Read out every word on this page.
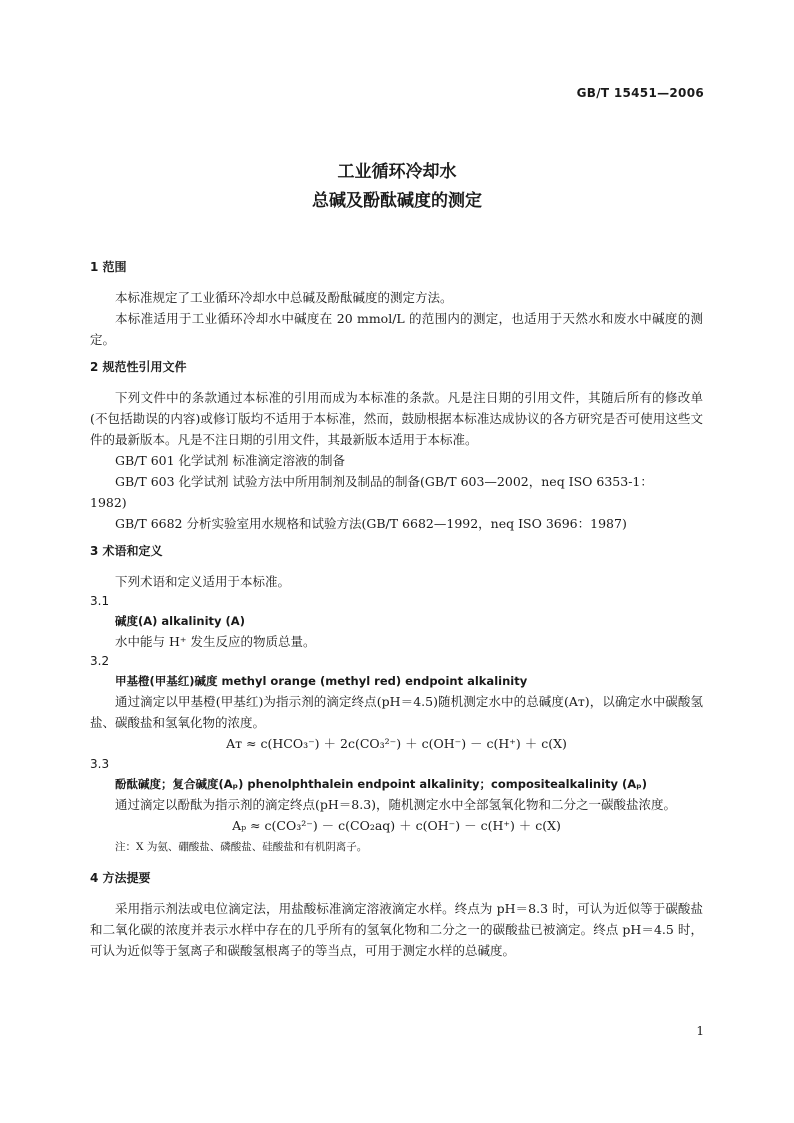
GB/T 15451—2006
工业循环冷却水
总碱及酚酞碱度的测定

1 范围

本标准规定了工业循环冷却水中总碱及酚酞碱度的测定方法。

本标准适用于工业循环冷却水中碱度在 20 mmol/L 的范围内的测定，也适用于天然水和废水中碱度的测定。

2 规范性引用文件

下列文件中的条款通过本标准的引用而成为本标准的条款。凡是注日期的引用文件，其随后所有的修改单(不包括勘误的内容)或修订版均不适用于本标准，然而，鼓励根据本标准达成协议的各方研究是否可使用这些文件的最新版本。凡是不注日期的引用文件，其最新版本适用于本标准。

GB/T 601 化学试剂 标准滴定溶液的制备

GB/T 603 化学试剂 试验方法中所用制剂及制品的制备(GB/T 603—2002，neq ISO 6353-1：

1982)

GB/T 6682 分析实验室用水规格和试验方法(GB/T 6682—1992，neq ISO 3696：1987)

3 术语和定义

下列术语和定义适用于本标准。

3.1

碱度(A) alkalinity (A)

水中能与 H⁺ 发生反应的物质总量。

3.2

甲基橙(甲基红)碱度 methyl orange (methyl red) endpoint alkalinity

通过滴定以甲基橙(甲基红)为指示剂的滴定终点(pH＝4.5)随机测定水中的总碱度(Aᴛ)，以确定水中碳酸氢盐、碳酸盐和氢氧化物的浓度。

Aᴛ ≈ c(HCO₃⁻) ＋ 2c(CO₃²⁻) ＋ c(OH⁻) － c(H⁺) ＋ c(X)

3.3

酚酞碱度；复合碱度(Aₚ) phenolphthalein endpoint alkalinity；compositealkalinity (Aₚ)

通过滴定以酚酞为指示剂的滴定终点(pH＝8.3)，随机测定水中全部氢氧化物和二分之一碳酸盐浓度。

Aₚ ≈ c(CO₃²⁻) － c(CO₂aq) ＋ c(OH⁻) － c(H⁺) ＋ c(X)

注：X 为氨、硼酸盐、磷酸盐、硅酸盐和有机阴离子。

4 方法提要

采用指示剂法或电位滴定法，用盐酸标准滴定溶液滴定水样。终点为 pH＝8.3 时，可认为近似等于碳酸盐和二氧化碳的浓度并表示水样中存在的几乎所有的氢氧化物和二分之一的碳酸盐已被滴定。终点 pH＝4.5 时，可认为近似等于氢离子和碳酸氢根离子的等当点，可用于测定水样的总碱度。

1
